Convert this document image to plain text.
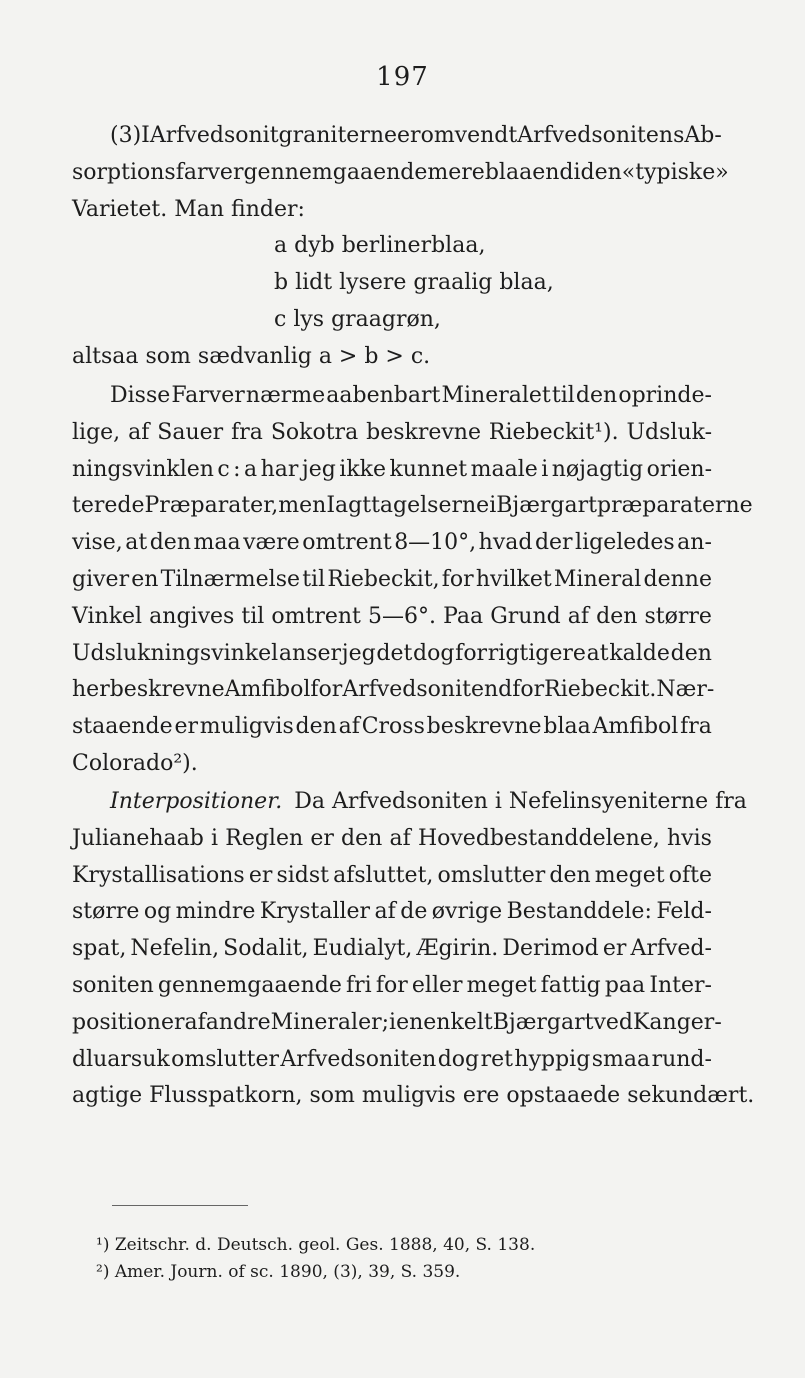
197
(3) I Arfvedsonitgraniterne er omvendt Arfvedsonitens Ab-
sorptionsfarver gennemgaaende mere blaa end i den «typiske»
Varietet. Man finder:
a dyb berlinerblaa,
b lidt lysere graalig blaa,
c lys graagrøn,
altsaa som sædvanlig a > b > c.
Disse Farver nærme aabenbart Mineralet til den oprinde-
lige, af Sauer fra Sokotra beskrevne Riebeckit¹). Udsluk-
ningsvinklen c : a har jeg ikke kunnet maale i nøjagtig orien-
terede Præparater, men Iagttagelserne i Bjærgartpræparaterne
vise, at den maa være omtrent 8—10°, hvad der ligeledes an-
giver en Tilnærmelse til Riebeckit, for hvilket Mineral denne
Vinkel angives til omtrent 5—6°. Paa Grund af den større
Udslukningsvinkel anser jeg det dog for rigtigere at kalde den
her beskrevne Amfibol for Arfvedsonit end for Riebeckit. Nær-
staaende er muligvis den af Cross beskrevne blaa Amfibol fra
Colorado²).
Interpositioner. Da Arfvedsoniten i Nefelinsyeniterne fra
Julianehaab i Reglen er den af Hovedbestanddelene, hvis
Krystallisations er sidst afsluttet, omslutter den meget ofte
større og mindre Krystaller af de øvrige Bestanddele: Feld-
spat, Nefelin, Sodalit, Eudialyt, Ægirin. Derimod er Arfved-
soniten gennemgaaende fri for eller meget fattig paa Inter-
positioner af andre Mineraler; i en enkelt Bjærgart ved Kanger-
dluarsuk omslutter Arfvedsoniten dog ret hyppig smaa rund-
agtige Flusspatkorn, som muligvis ere opstaaede sekundært.
¹) Zeitschr. d. Deutsch. geol. Ges. 1888, 40, S. 138.
²) Amer. Journ. of sc. 1890, (3), 39, S. 359.
